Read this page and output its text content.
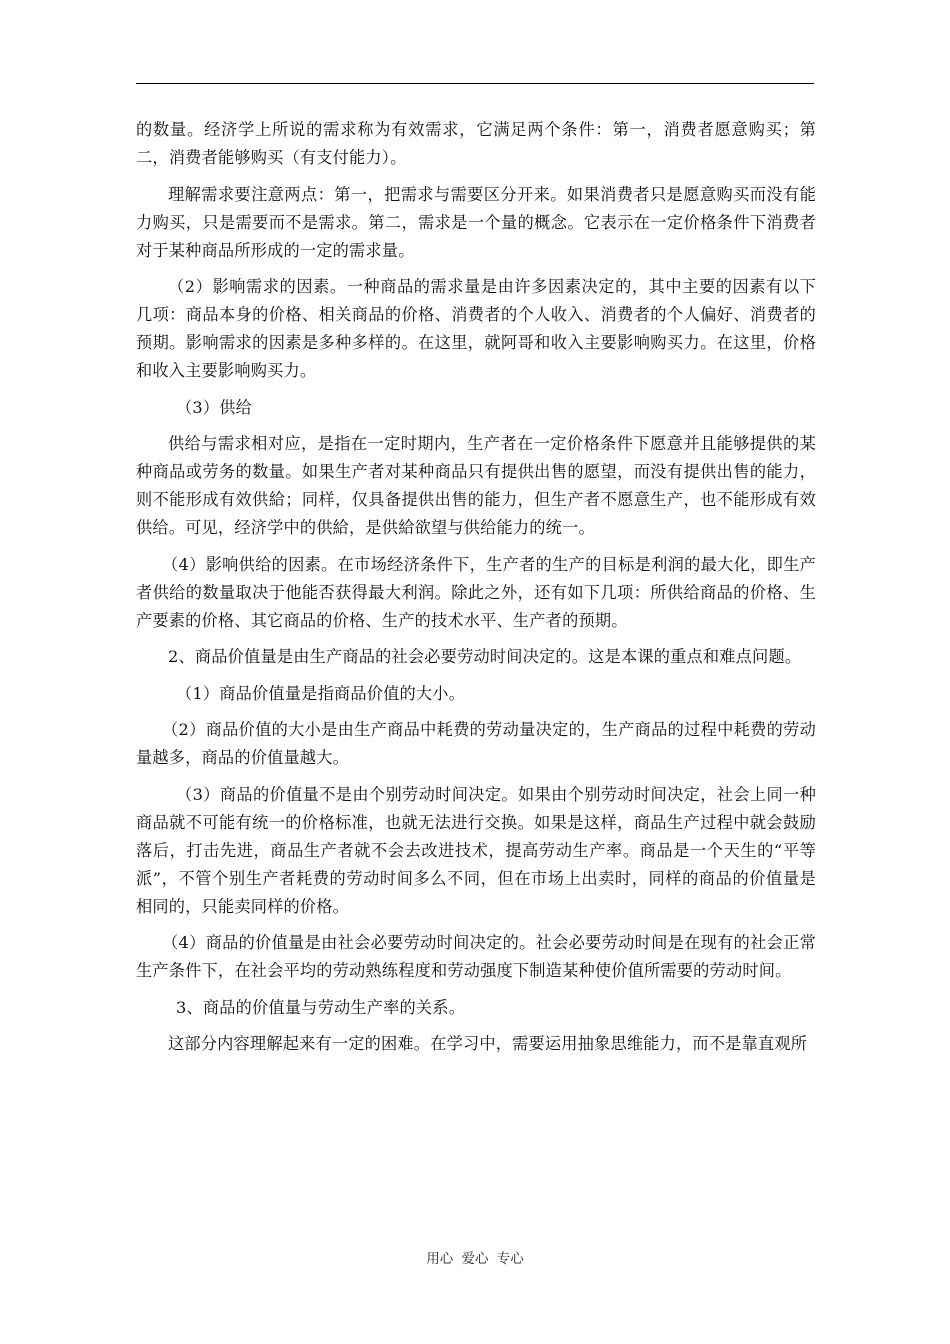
的数量。经济学上所说的需求称为有效需求，它满足两个条件：第一，消费者愿意购买；第二，消费者能够购买（有支付能力）。

理解需求要注意两点：第一，把需求与需要区分开来。如果消费者只是愿意购买而没有能力购买，只是需要而不是需求。第二，需求是一个量的概念。它表示在一定价格条件下消费者对于某种商品所形成的一定的需求量。

（2）影响需求的因素。一种商品的需求量是由许多因素决定的，其中主要的因素有以下几项：商品本身的价格、相关商品的价格、消费者的个人收入、消费者的个人偏好、消费者的预期。影响需求的因素是多种多样的。在这里，就阿哥和收入主要影响购买力。在这里，价格和收入主要影响购买力。

（3）供给

供给与需求相对应，是指在一定时期内，生产者在一定价格条件下愿意并且能够提供的某种商品或劳务的数量。如果生产者对某种商品只有提供出售的愿望，而没有提供出售的能力，则不能形成有效供給；同样，仅具备提供出售的能力，但生产者不愿意生产，也不能形成有效供给。可见，经济学中的供給，是供給欲望与供给能力的统一。

（4）影响供给的因素。在市场经济条件下，生产者的生产的目标是利润的最大化，即生产者供给的数量取决于他能否获得最大利润。除此之外，还有如下几项：所供给商品的价格、生产要素的价格、其它商品的价格、生产的技术水平、生产者的预期。

2、商品价值量是由生产商品的社会必要劳动时间决定的。这是本课的重点和难点问题。

（1）商品价值量是指商品价值的大小。

（2）商品价值的大小是由生产商品中耗费的劳动量决定的，生产商品的过程中耗费的劳动量越多，商品的价值量越大。

（3）商品的价值量不是由个别劳动时间决定。如果由个别劳动时间决定，社会上同一种商品就不可能有统一的价格标准，也就无法进行交换。如果是这样，商品生产过程中就会鼓励落后，打击先进，商品生产者就不会去改进技术，提高劳动生产率。商品是一个天生的“平等派”，不管个别生产者耗费的劳动时间多么不同，但在市场上出卖时，同样的商品的价值量是相同的，只能卖同样的价格。

（4）商品的价值量是由社会必要劳动时间决定的。社会必要劳动时间是在现有的社会正常生产条件下，在社会平均的劳动熟练程度和劳动强度下制造某种使价值所需要的劳动时间。

3、商品的价值量与劳动生产率的关系。

这部分内容理解起来有一定的困难。在学习中，需要运用抽象思维能力，而不是靠直观所

用心 爱心 专心
